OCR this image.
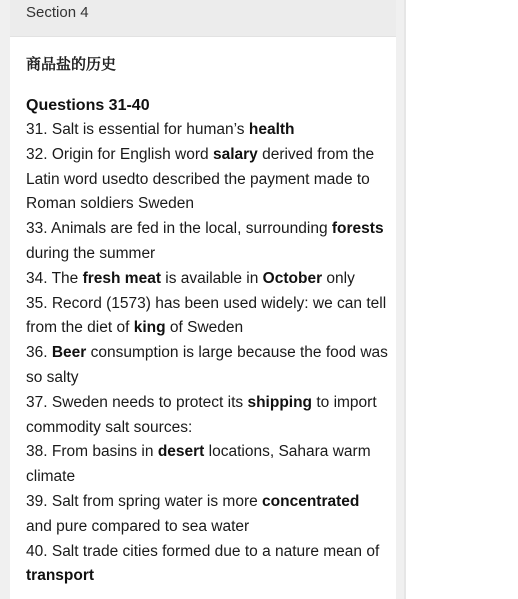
Section 4
商品盐的历史
Questions 31-40
31. Salt is essential for human’s health
32. Origin for English word salary derived from the Latin word usedto described the payment made to Roman soldiers Sweden
33. Animals are fed in the local, surrounding forests during the summer
34. The fresh meat is available in October only
35. Record (1573) has been used widely: we can tell from the diet of king of Sweden
36. Beer consumption is large because the food was so salty
37. Sweden needs to protect its shipping to import commodity salt sources:
38. From basins in desert locations, Sahara warm climate
39. Salt from spring water is more concentrated and pure compared to sea water
40. Salt trade cities formed due to a nature mean of transport
